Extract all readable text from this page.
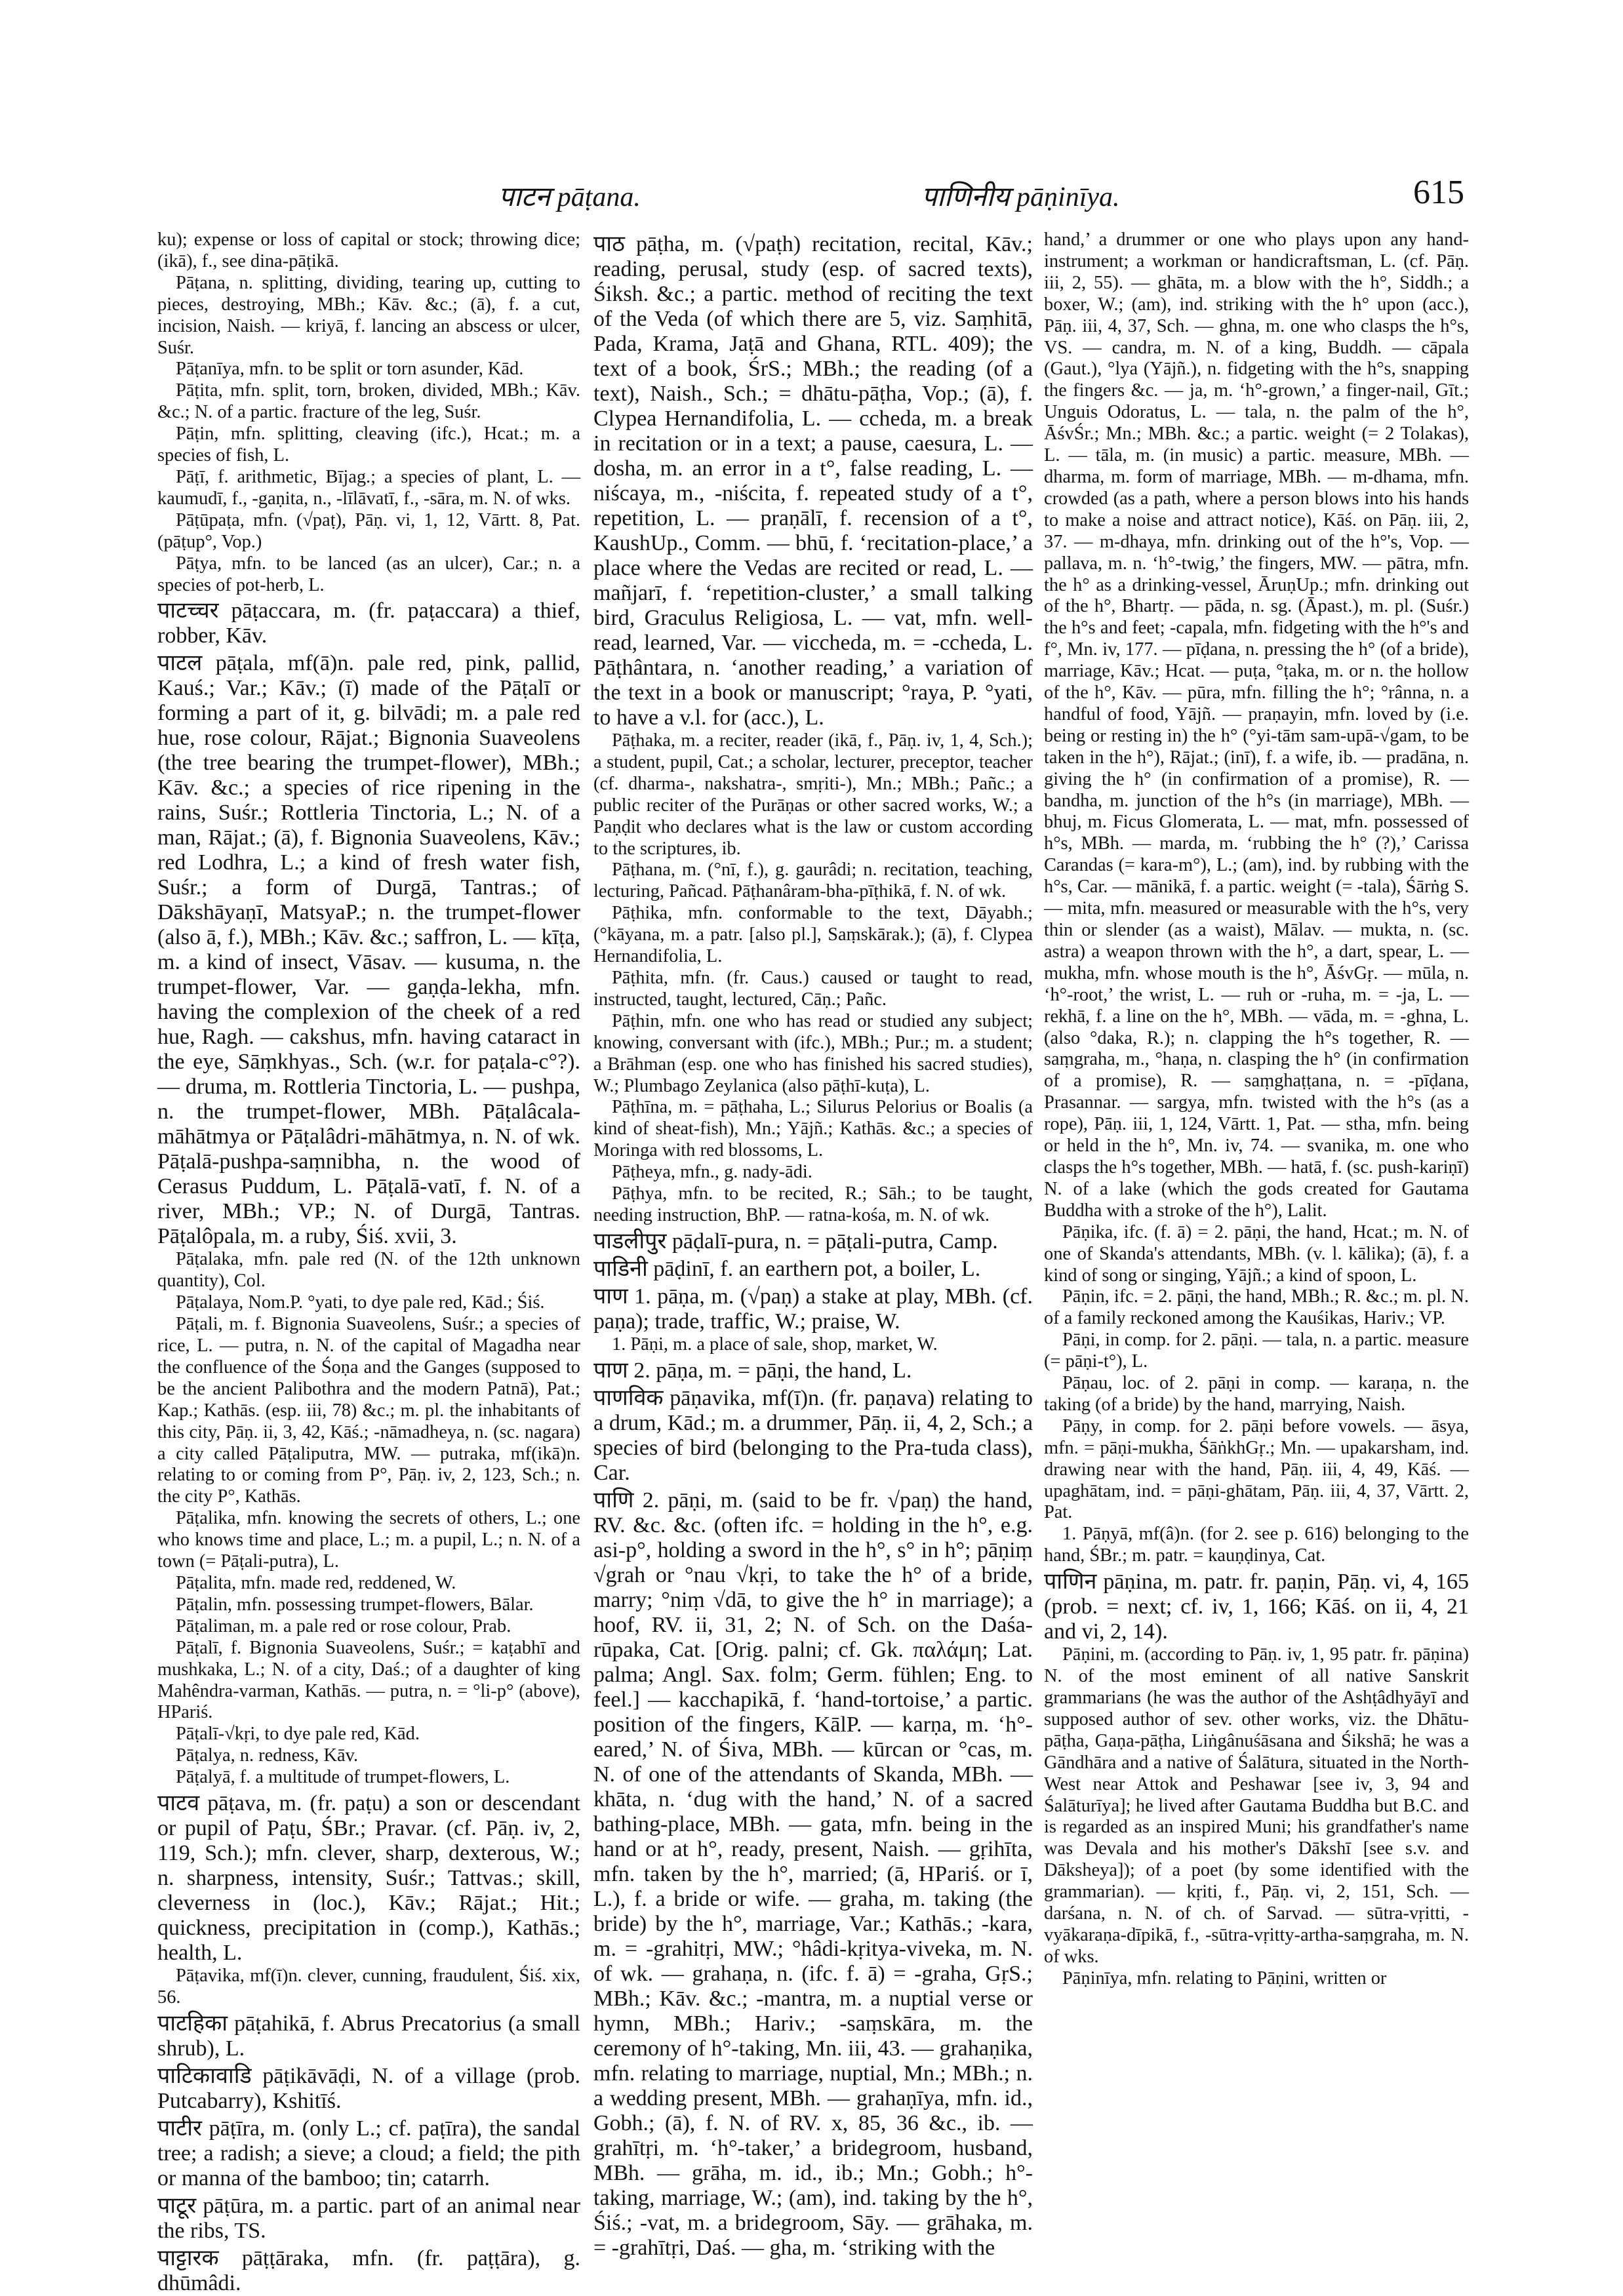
पाटन pāṭana.	पाणिनीय pāṇinīya.	615

ku); expense or loss of capital or stock; throwing dice; (ikā), f., see dina-pāṭikā.

Pāṭana, n. splitting, dividing, tearing up, cutting to pieces, destroying, MBh.; Kāv. &c.; (ā), f. a cut, incision, Naish. — kriyā, f. lancing an abscess or ulcer, Suśr.

Pāṭanīya, mfn. to be split or torn asunder, Kād.

Pāṭita, mfn. split, torn, broken, divided, MBh.; Kāv. &c.; N. of a partic. fracture of the leg, Suśr.

Pāṭin, mfn. splitting, cleaving (ifc.), Hcat.; m. a species of fish, L.

Pāṭī, f. arithmetic, Bījag.; a species of plant, L. — kaumudī, f., -gaṇita, n., -līlāvatī, f., -sāra, m. N. of wks.

Pāṭūpaṭa, mfn. (√paṭ), Pāṇ. vi, 1, 12, Vārtt. 8, Pat. (pāṭup°, Vop.)

Pāṭya, mfn. to be lanced (as an ulcer), Car.; n. a species of pot-herb, L.

पाटच्चर pāṭaccara, m. (fr. paṭaccara) a thief, robber, Kāv.

पाटल pāṭala, mf(ā)n. pale red, pink, pallid, Kauś.; Var.; Kāv.; (ī) made of the Pāṭalī or forming a part of it, g. bilvādi; m. a pale red hue, rose colour, Rājat.; Bignonia Suaveolens (the tree bearing the trumpet-flower), MBh.; Kāv. &c.; a species of rice ripening in the rains, Suśr.; Rottleria Tinctoria, L.; N. of a man, Rājat.; (ā), f. Bignonia Suaveolens, Kāv.; red Lodhra, L.; a kind of fresh water fish, Suśr.; a form of Durgā, Tantras.; of Dākshāyaṇī, MatsyaP.; n. the trumpet-flower (also ā, f.), MBh.; Kāv. &c.; saffron, L. — kīṭa, m. a kind of insect, Vāsav. — kusuma, n. the trumpet-flower, Var. — gaṇḍa-lekha, mfn. having the complexion of the cheek of a red hue, Ragh. — cakshus, mfn. having cataract in the eye, Sāṃkhyas., Sch. (w.r. for paṭala-c°?). — druma, m. Rottleria Tinctoria, L. — pushpa, n. the trumpet-flower, MBh. Pāṭalâcala-māhātmya or Pāṭalâdri-māhātmya, n. N. of wk. Pāṭalā-pushpa-saṃnibha, n. the wood of Cerasus Puddum, L. Pāṭalā-vatī, f. N. of a river, MBh.; VP.; N. of Durgā, Tantras. Pāṭalôpala, m. a ruby, Śiś. xvii, 3.

Pāṭalaka, mfn. pale red (N. of the 12th unknown quantity), Col.

Pāṭalaya, Nom.P. °yati, to dye pale red, Kād.; Śiś.

Pāṭali, m. f. Bignonia Suaveolens, Suśr.; a species of rice, L. — putra, n. N. of the capital of Magadha near the confluence of the Śoṇa and the Ganges (supposed to be the ancient Palibothra and the modern Patnā), Pat.; Kap.; Kathās. (esp. iii, 78) &c.; m. pl. the inhabitants of this city, Pāṇ. ii, 3, 42, Kāś.; -nāmadheya, n. (sc. nagara) a city called Pāṭaliputra, MW. — putraka, mf(ikā)n. relating to or coming from P°, Pāṇ. iv, 2, 123, Sch.; n. the city P°, Kathās.

Pāṭalika, mfn. knowing the secrets of others, L.; one who knows time and place, L.; m. a pupil, L.; n. N. of a town (= Pāṭali-putra), L.

Pāṭalita, mfn. made red, reddened, W.

Pāṭalin, mfn. possessing trumpet-flowers, Bālar.

Pāṭaliman, m. a pale red or rose colour, Prab.

Pāṭalī, f. Bignonia Suaveolens, Suśr.; = kaṭabhī and mushkaka, L.; N. of a city, Daś.; of a daughter of king Mahêndra-varman, Kathās. — putra, n. = °li-p° (above), HPariś.

Pāṭalī-√kṛi, to dye pale red, Kād.

Pāṭalya, n. redness, Kāv.

Pāṭalyā, f. a multitude of trumpet-flowers, L.

पाटव pāṭava, m. (fr. paṭu) a son or descendant or pupil of Paṭu, ŚBr.; Pravar. (cf. Pāṇ. iv, 2, 119, Sch.); mfn. clever, sharp, dexterous, W.; n. sharpness, intensity, Suśr.; Tattvas.; skill, cleverness in (loc.), Kāv.; Rājat.; Hit.; quickness, precipitation in (comp.), Kathās.; health, L.

Pāṭavika, mf(ī)n. clever, cunning, fraudulent, Śiś. xix, 56.

पाटहिका pāṭahikā, f. Abrus Precatorius (a small shrub), L.

पाटिकावाडि pāṭikāvāḍi, N. of a village (prob. Putcabarry), Kshitīś.

पाटीर pāṭīra, m. (only L.; cf. paṭīra), the sandal tree; a radish; a sieve; a cloud; a field; the pith or manna of the bamboo; tin; catarrh.

पाटूर pāṭūra, m. a partic. part of an animal near the ribs, TS.

पाट्टारक pāṭṭāraka, mfn. (fr. paṭṭāra), g. dhūmâdi.

पाठ pāṭha, m. (√paṭh) recitation, recital, Kāv.; reading, perusal, study (esp. of sacred texts), Śiksh. &c.; a partic. method of reciting the text of the Veda (of which there are 5, viz. Saṃhitā, Pada, Krama, Jaṭā and Ghana, RTL. 409); the text of a book, ŚrS.; MBh.; the reading (of a text), Naish., Sch.; = dhātu-pāṭha, Vop.; (ā), f. Clypea Hernandifolia, L. — ccheda, m. a break in recitation or in a text; a pause, caesura, L. — dosha, m. an error in a t°, false reading, L. — niścaya, m., -niścita, f. repeated study of a t°, repetition, L. — praṇālī, f. recension of a t°, KaushUp., Comm. — bhū, f. ‘recitation-place,’ a place where the Vedas are recited or read, L. — mañjarī, f. ‘repetition-cluster,’ a small talking bird, Graculus Religiosa, L. — vat, mfn. well-read, learned, Var. — viccheda, m. = -ccheda, L. Pāṭhântara, n. ‘another reading,’ a variation of the text in a book or manuscript; °raya, P. °yati, to have a v.l. for (acc.), L.

Pāṭhaka, m. a reciter, reader (ikā, f., Pāṇ. iv, 1, 4, Sch.); a student, pupil, Cat.; a scholar, lecturer, preceptor, teacher (cf. dharma-, nakshatra-, smṛiti-), Mn.; MBh.; Pañc.; a public reciter of the Purāṇas or other sacred works, W.; a Paṇḍit who declares what is the law or custom according to the scriptures, ib.

Pāṭhana, m. (°nī, f.), g. gaurâdi; n. recitation, teaching, lecturing, Pañcad. Pāṭhanâram-bha-pīṭhikā, f. N. of wk.

Pāṭhika, mfn. conformable to the text, Dāyabh.; (°kāyana, m. a patr. [also pl.], Saṃskārak.); (ā), f. Clypea Hernandifolia, L.

Pāṭhita, mfn. (fr. Caus.) caused or taught to read, instructed, taught, lectured, Cāṇ.; Pañc.

Pāṭhin, mfn. one who has read or studied any subject; knowing, conversant with (ifc.), MBh.; Pur.; m. a student; a Brāhman (esp. one who has finished his sacred studies), W.; Plumbago Zeylanica (also pāṭhī-kuṭa), L.

Pāṭhīna, m. = pāṭhaha, L.; Silurus Pelorius or Boalis (a kind of sheat-fish), Mn.; Yājñ.; Kathās. &c.; a species of Moringa with red blossoms, L.

Pāṭheya, mfn., g. nady-ādi.

Pāṭhya, mfn. to be recited, R.; Sāh.; to be taught, needing instruction, BhP. — ratna-kośa, m. N. of wk.

पाडलीपुर pāḍalī-pura, n. = pāṭali-putra, Camp.

पाडिनी pāḍinī, f. an earthern pot, a boiler, L.

पाण 1. pāṇa, m. (√paṇ) a stake at play, MBh. (cf. paṇa); trade, traffic, W.; praise, W.

1. Pāṇi, m. a place of sale, shop, market, W.

पाण 2. pāṇa, m. = pāṇi, the hand, L.

पाणविक pāṇavika, mf(ī)n. (fr. paṇava) relating to a drum, Kād.; m. a drummer, Pāṇ. ii, 4, 2, Sch.; a species of bird (belonging to the Pra-tuda class), Car.

पाणि 2. pāṇi, m. (said to be fr. √paṇ) the hand, RV. &c. &c. (often ifc. = holding in the h°, e.g. asi-p°, holding a sword in the h°, s° in h°; pāṇiṃ √grah or °nau √kṛi, to take the h° of a bride, marry; °niṃ √dā, to give the h° in marriage); a hoof, RV. ii, 31, 2; N. of Sch. on the Daśa-rūpaka, Cat. [Orig. palni; cf. Gk. παλάμη; Lat. palma; Angl. Sax. folm; Germ. fühlen; Eng. to feel.] — kacchapikā, f. ‘hand-tortoise,’ a partic. position of the fingers, KālP. — karṇa, m. ‘h°-eared,’ N. of Śiva, MBh. — kūrcan or °cas, m. N. of one of the attendants of Skanda, MBh. — khāta, n. ‘dug with the hand,’ N. of a sacred bathing-place, MBh. — gata, mfn. being in the hand or at h°, ready, present, Naish. — gṛihīta, mfn. taken by the h°, married; (ā, HPariś. or ī, L.), f. a bride or wife. — graha, m. taking (the bride) by the h°, marriage, Var.; Kathās.; -kara, m. = -grahitṛi, MW.; °hâdi-kṛitya-viveka, m. N. of wk. — grahaṇa, n. (ifc. f. ā) = -graha, GṛS.; MBh.; Kāv. &c.; -mantra, m. a nuptial verse or hymn, MBh.; Hariv.; -saṃskāra, m. the ceremony of h°-taking, Mn. iii, 43. — grahaṇika, mfn. relating to marriage, nuptial, Mn.; MBh.; n. a wedding present, MBh. — grahaṇīya, mfn. id., Gobh.; (ā), f. N. of RV. x, 85, 36 &c., ib. — grahītṛi, m. ‘h°-taker,’ a bridegroom, husband, MBh. — grāha, m. id., ib.; Mn.; Gobh.; h°-taking, marriage, W.; (am), ind. taking by the h°, Śiś.; -vat, m. a bridegroom, Sāy. — grāhaka, m. = -grahītṛi, Daś. — gha, m. ‘striking with the

hand,’ a drummer or one who plays upon any hand-instrument; a workman or handicraftsman, L. (cf. Pāṇ. iii, 2, 55). — ghāta, m. a blow with the h°, Siddh.; a boxer, W.; (am), ind. striking with the h° upon (acc.), Pāṇ. iii, 4, 37, Sch. — ghna, m. one who clasps the h°s, VS. — candra, m. N. of a king, Buddh. — cāpala (Gaut.), °lya (Yājñ.), n. fidgeting with the h°s, snapping the fingers &c. — ja, m. ‘h°-grown,’ a finger-nail, Gīt.; Unguis Odoratus, L. — tala, n. the palm of the h°, ĀśvŚr.; Mn.; MBh. &c.; a partic. weight (= 2 Tolakas), L. — tāla, m. (in music) a partic. measure, MBh. — dharma, m. form of marriage, MBh. — m-dhama, mfn. crowded (as a path, where a person blows into his hands to make a noise and attract notice), Kāś. on Pāṇ. iii, 2, 37. — m-dhaya, mfn. drinking out of the h°'s, Vop. — pallava, m. n. ‘h°-twig,’ the fingers, MW. — pātra, mfn. the h° as a drinking-vessel, ĀruṇUp.; mfn. drinking out of the h°, Bhartṛ. — pāda, n. sg. (Āpast.), m. pl. (Suśr.) the h°s and feet; -capala, mfn. fidgeting with the h°'s and f°, Mn. iv, 177. — pīḍana, n. pressing the h° (of a bride), marriage, Kāv.; Hcat. — puṭa, °ṭaka, m. or n. the hollow of the h°, Kāv. — pūra, mfn. filling the h°; °rânna, n. a handful of food, Yājñ. — praṇayin, mfn. loved by (i.e. being or resting in) the h° (°yi-tām sam-upā-√gam, to be taken in the h°), Rājat.; (inī), f. a wife, ib. — pradāna, n. giving the h° (in confirmation of a promise), R. — bandha, m. junction of the h°s (in marriage), MBh. — bhuj, m. Ficus Glomerata, L. — mat, mfn. possessed of h°s, MBh. — marda, m. ‘rubbing the h° (?),’ Carissa Carandas (= kara-m°), L.; (am), ind. by rubbing with the h°s, Car. — mānikā, f. a partic. weight (= -tala), Śārṅg S. — mita, mfn. measured or measurable with the h°s, very thin or slender (as a waist), Mālav. — mukta, n. (sc. astra) a weapon thrown with the h°, a dart, spear, L. — mukha, mfn. whose mouth is the h°, ĀśvGṛ. — mūla, n. ‘h°-root,’ the wrist, L. — ruh or -ruha, m. = -ja, L. — rekhā, f. a line on the h°, MBh. — vāda, m. = -ghna, L. (also °daka, R.); n. clapping the h°s together, R. — saṃgraha, m., °haṇa, n. clasping the h° (in confirmation of a promise), R. — saṃghaṭṭana, n. = -pīḍana, Prasannar. — sargya, mfn. twisted with the h°s (as a rope), Pāṇ. iii, 1, 124, Vārtt. 1, Pat. — stha, mfn. being or held in the h°, Mn. iv, 74. — svanika, m. one who clasps the h°s together, MBh. — hatā, f. (sc. push-kariṇī) N. of a lake (which the gods created for Gautama Buddha with a stroke of the h°), Lalit.

Pāṇika, ifc. (f. ā) = 2. pāṇi, the hand, Hcat.; m. N. of one of Skanda's attendants, MBh. (v. l. kālika); (ā), f. a kind of song or singing, Yājñ.; a kind of spoon, L.

Pāṇin, ifc. = 2. pāṇi, the hand, MBh.; R. &c.; m. pl. N. of a family reckoned among the Kauśikas, Hariv.; VP.

Pāṇi, in comp. for 2. pāṇi. — tala, n. a partic. measure (= pāṇi-t°), L.

Pāṇau, loc. of 2. pāṇi in comp. — karaṇa, n. the taking (of a bride) by the hand, marrying, Naish.

Pāṇy, in comp. for 2. pāṇi before vowels. — āsya, mfn. = pāṇi-mukha, ŚāṅkhGṛ.; Mn. — upakarsham, ind. drawing near with the hand, Pāṇ. iii, 4, 49, Kāś. — upaghātam, ind. = pāṇi-ghātam, Pāṇ. iii, 4, 37, Vārtt. 2, Pat.

1. Pāṇyā, mf(â)n. (for 2. see p. 616) belonging to the hand, ŚBr.; m. patr. = kauṇḍinya, Cat.

पाणिन pāṇina, m. patr. fr. paṇin, Pāṇ. vi, 4, 165 (prob. = next; cf. iv, 1, 166; Kāś. on ii, 4, 21 and vi, 2, 14).

Pāṇini, m. (according to Pāṇ. iv, 1, 95 patr. fr. pāṇina) N. of the most eminent of all native Sanskrit grammarians (he was the author of the Ashṭâdhyāyī and supposed author of sev. other works, viz. the Dhātu-pāṭha, Gaṇa-pāṭha, Liṅgânuśāsana and Śikshā; he was a Gāndhāra and a native of Śalātura, situated in the North-West near Attok and Peshawar [see iv, 3, 94 and Śalāturīya]; he lived after Gautama Buddha but B.C. and is regarded as an inspired Muni; his grandfather's name was Devala and his mother's Dākshī [see s.v. and Dāksheya]); of a poet (by some identified with the grammarian). — kṛiti, f., Pāṇ. vi, 2, 151, Sch. — darśana, n. N. of ch. of Sarvad. — sūtra-vṛitti, -vyākaraṇa-dīpikā, f., -sūtra-vṛitty-artha-saṃgraha, m. N. of wks.

Pāṇinīya, mfn. relating to Pāṇini, written or
